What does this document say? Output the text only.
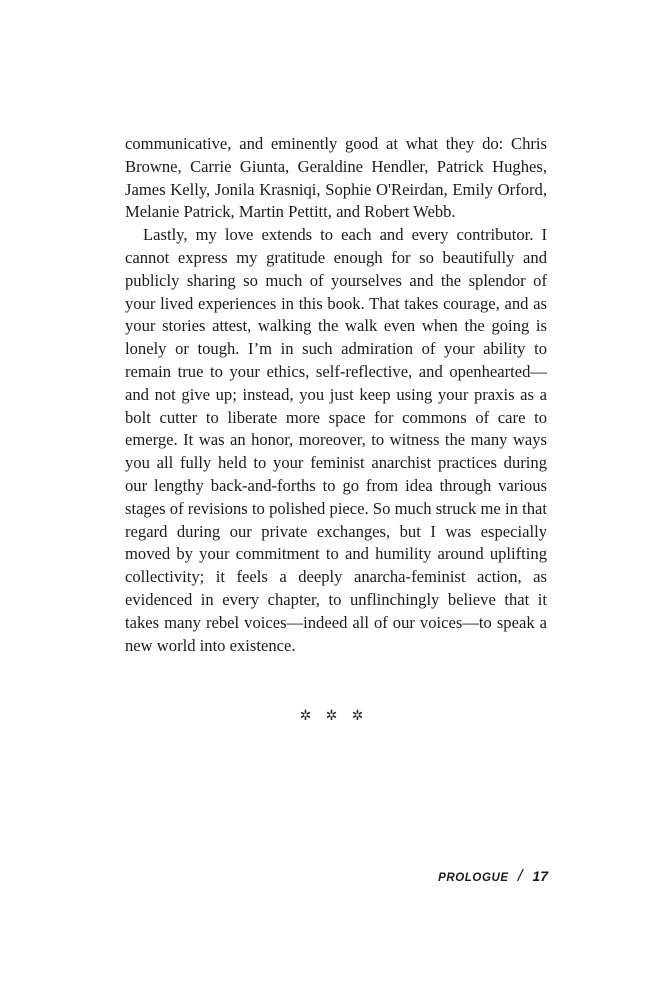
communicative, and eminently good at what they do: Chris Browne, Carrie Giunta, Geraldine Hendler, Patrick Hughes, James Kelly, Jonila Krasniqi, Sophie O'Reirdan, Emily Orford, Melanie Patrick, Martin Pettitt, and Robert Webb.

Lastly, my love extends to each and every contributor. I cannot express my gratitude enough for so beautifully and publicly sharing so much of yourselves and the splendor of your lived experiences in this book. That takes courage, and as your stories attest, walking the walk even when the going is lonely or tough. I’m in such admiration of your ability to remain true to your ethics, self-reflective, and openhearted—and not give up; instead, you just keep using your praxis as a bolt cutter to liberate more space for commons of care to emerge. It was an honor, moreover, to witness the many ways you all fully held to your feminist anarchist practices during our lengthy back-and-forths to go from idea through various stages of revisions to polished piece. So much struck me in that regard during our private exchanges, but I was especially moved by your commitment to and humility around uplifting collectivity; it feels a deeply anarcha-feminist action, as evidenced in every chapter, to unflinchingly believe that it takes many rebel voices—indeed all of our voices—to speak a new world into existence.

✲ ✲ ✲
PROLOGUE / 17
